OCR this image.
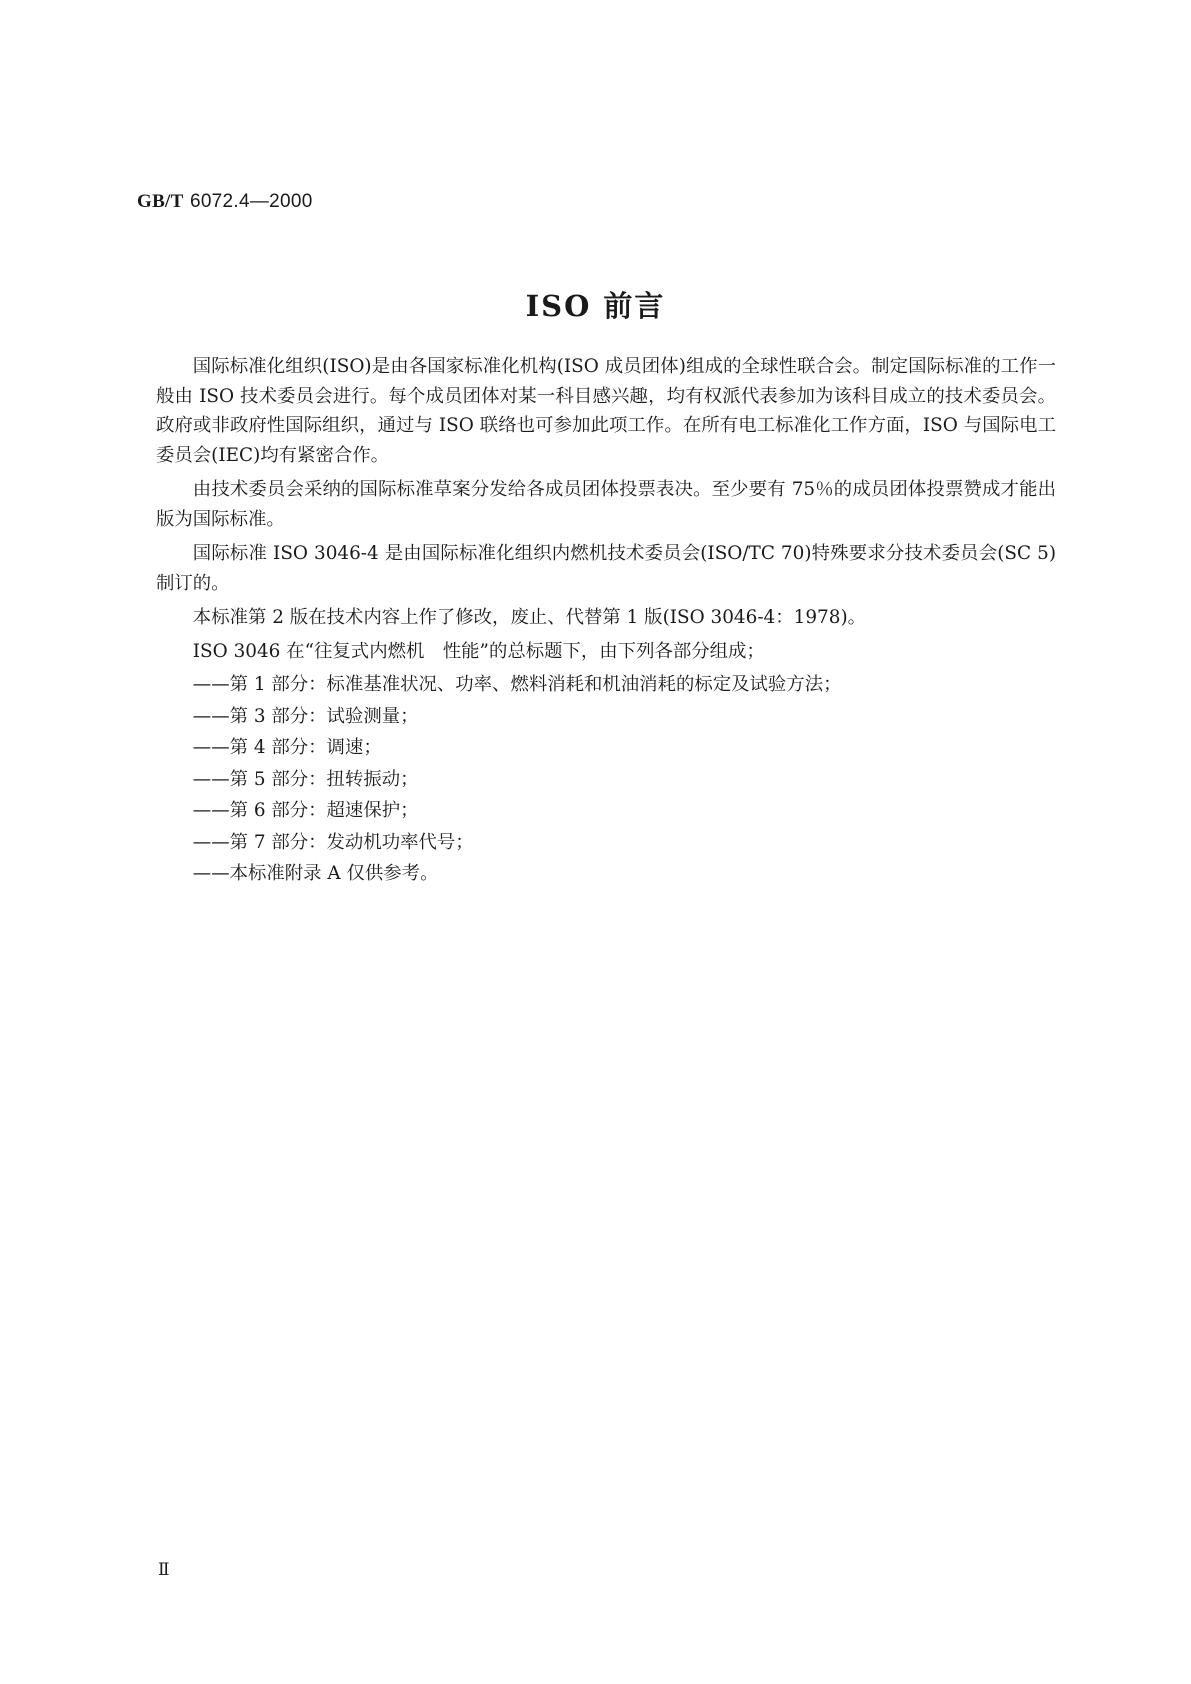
GB/T 6072.4—2000
ISO 前言

国际标准化组织(ISO)是由各国家标准化机构(ISO 成员团体)组成的全球性联合会。制定国际标准的工作一般由 ISO 技术委员会进行。每个成员团体对某一科目感兴趣，均有权派代表参加为该科目成立的技术委员会。政府或非政府性国际组织，通过与 ISO 联络也可参加此项工作。在所有电工标准化工作方面，ISO 与国际电工委员会(IEC)均有紧密合作。

由技术委员会采纳的国际标准草案分发给各成员团体投票表决。至少要有 75％的成员团体投票赞成才能出版为国际标准。

国际标准 ISO 3046-4 是由国际标准化组织内燃机技术委员会(ISO/TC 70)特殊要求分技术委员会(SC 5)制订的。

本标准第 2 版在技术内容上作了修改，废止、代替第 1 版(ISO 3046-4：1978)。

ISO 3046 在“往复式内燃机　性能”的总标题下，由下列各部分组成；

——第 1 部分：标准基准状况、功率、燃料消耗和机油消耗的标定及试验方法；
——第 3 部分：试验测量；
——第 4 部分：调速；
——第 5 部分：扭转振动；
——第 6 部分：超速保护；
——第 7 部分：发动机功率代号；
——本标准附录 A 仅供参考。
Ⅱ
